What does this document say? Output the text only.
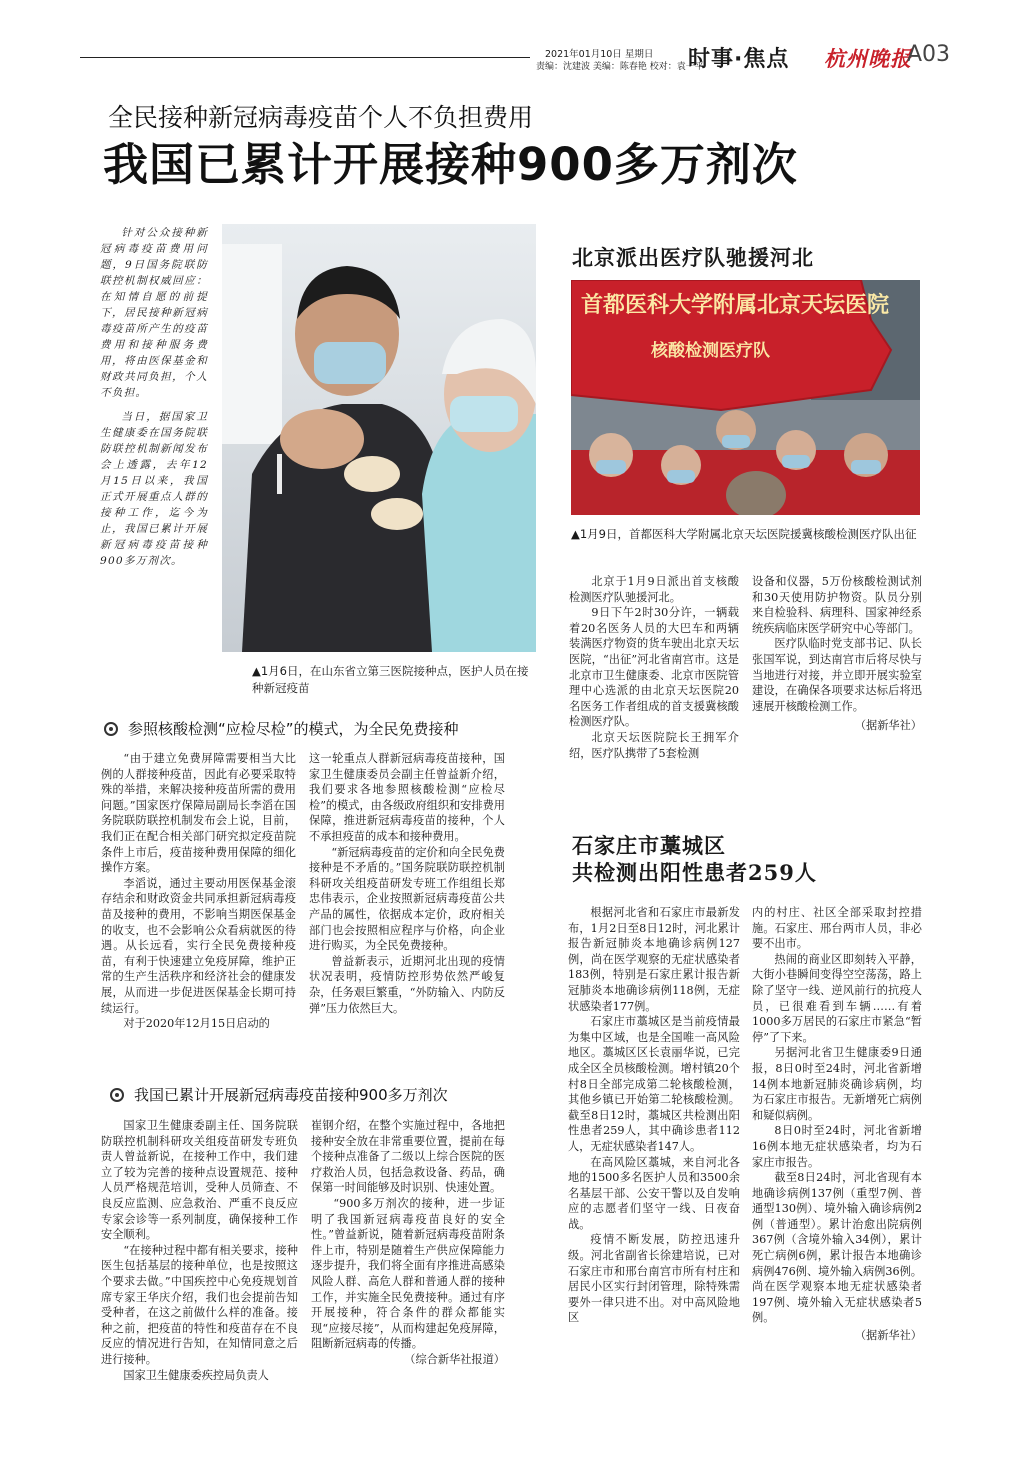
2021年01月10日 星期日
责编：沈建波 美编：陈春艳 校对：袁一平
时事·焦点 杭州晚报
A03
全民接种新冠病毒疫苗个人不负担费用
我国已累计开展接种900多万剂次

针对公众接种新冠病毒疫苗费用问题，9日国务院联防联控机制权威回应：在知情自愿的前提下，居民接种新冠病毒疫苗所产生的疫苗费用和接种服务费用，将由医保基金和财政共同负担，个人不负担。

当日，据国家卫生健康委在国务院联防联控机制新闻发布会上透露，去年12月15日以来，我国正式开展重点人群的接种工作，迄今为止，我国已累计开展新冠病毒疫苗接种900多万剂次。

▲1月6日，在山东省立第三医院接种点，医护人员在接种新冠疫苗
参照核酸检测“应检尽检”的模式，为全民免费接种

“由于建立免费屏障需要相当大比例的人群接种疫苗，因此有必要采取特殊的举措，来解决接种疫苗所需的费用问题。”国家医疗保障局副局长李滔在国务院联防联控机制发布会上说，目前，我们正在配合相关部门研究拟定疫苗院条件上市后，疫苗接种费用保障的细化操作方案。

李滔说，通过主要动用医保基金滚存结余和财政资金共同承担新冠病毒疫苗及接种的费用，不影响当期医保基金的收支，也不会影响公众看病就医的待遇。从长远看，实行全民免费接种疫苗，有利于快速建立免疫屏障，维护正常的生产生活秩序和经济社会的健康发展，从而进一步促进医保基金长期可持续运行。

对于2020年12月15日启动的

这一轮重点人群新冠病毒疫苗接种，国家卫生健康委员会副主任曾益新介绍，我们要求各地参照核酸检测“应检尽检”的模式，由各级政府组织和安排费用保障，推进新冠病毒疫苗的接种，个人不承担疫苗的成本和接种费用。

“新冠病毒疫苗的定价和向全民免费接种是不矛盾的。”国务院联防联控机制科研攻关组疫苗研发专班工作组组长郑忠伟表示，企业按照新冠病毒疫苗公共产品的属性，依据成本定价，政府相关部门也会按照相应程序与价格，向企业进行购买，为全民免费接种。

曾益新表示，近期河北出现的疫情状况表明，疫情防控形势依然严峻复杂，任务艰巨繁重，“外防输入、内防反弹”压力依然巨大。

我国已累计开展新冠病毒疫苗接种900多万剂次

国家卫生健康委副主任、国务院联防联控机制科研攻关组疫苗研发专班负责人曾益新说，在接种工作中，我们建立了较为完善的接种点设置规范、接种人员严格规范培训，受种人员筛查、不良反应监测、应急救治、严重不良反应专家会诊等一系列制度，确保接种工作安全顺利。

“在接种过程中都有相关要求，接种医生包括基层的接种单位，也是按照这个要求去做。”中国疾控中心免疫规划首席专家王华庆介绍，我们也会提前告知受种者，在这之前做什么样的准备。接种之前，把疫苗的特性和疫苗存在不良反应的情况进行告知，在知情同意之后进行接种。

国家卫生健康委疾控局负责人

崔钢介绍，在整个实施过程中，各地把接种安全放在非常重要位置，提前在每个接种点准备了二级以上综合医院的医疗救治人员，包括急救设备、药品，确保第一时间能够及时识别、快速处置。

“900多万剂次的接种，进一步证明了我国新冠病毒疫苗良好的安全性。”曾益新说，随着新冠病毒疫苗附条件上市，特别是随着生产供应保障能力逐步提升，我们将全面有序推进高感染风险人群、高危人群和普通人群的接种工作，并实施全民免费接种。通过有序开展接种，符合条件的群众都能实现“应接尽接”，从而构建起免疫屏障，阻断新冠病毒的传播。

（综合新华社报道）

北京派出医疗队驰援河北
首都医科大学附属北京天坛医院
核酸检测医疗队
▲1月9日，首都医科大学附属北京天坛医院援冀核酸检测医疗队出征

北京于1月9日派出首支核酸检测医疗队驰援河北。

9日下午2时30分许，一辆载着20名医务人员的大巴车和两辆装满医疗物资的货车驶出北京天坛医院，“出征”河北省南宫市。这是北京市卫生健康委、北京市医院管理中心选派的由北京天坛医院20名医务工作者组成的首支援冀核酸检测医疗队。

北京天坛医院院长王拥军介绍，医疗队携带了5套检测

设备和仪器，5万份核酸检测试剂和30天使用防护物资。队员分别来自检验科、病理科、国家神经系统疾病临床医学研究中心等部门。

医疗队临时党支部书记、队长张国军说，到达南宫市后将尽快与当地进行对接，并立即开展实验室建设，在确保各项要求达标后将迅速展开核酸检测工作。

（据新华社）

石家庄市藁城区
共检测出阳性患者259人

根据河北省和石家庄市最新发布，1月2日至8日12时，河北累计报告新冠肺炎本地确诊病例127例，尚在医学观察的无症状感染者183例，特别是石家庄累计报告新冠肺炎本地确诊病例118例，无症状感染者177例。

石家庄市藁城区是当前疫情最为集中区域，也是全国唯一高风险地区。藁城区区长袁丽华说，已完成全区全员核酸检测。增村镇20个村8日全部完成第二轮核酸检测，其他乡镇已开始第二轮核酸检测。截至8日12时，藁城区共检测出阳性患者259人，其中确诊患者112人，无症状感染者147人。

在高风险区藁城，来自河北各地的1500多名医护人员和3500余名基层干部、公安干警以及自发响应的志愿者们坚守一线、日夜奋战。

疫情不断发展，防控迅速升级。河北省副省长徐建培说，已对石家庄市和邢台南宫市所有村庄和居民小区实行封闭管理，除特殊需要外一律只进不出。对中高风险地区

内的村庄、社区全部采取封控措施。石家庄、邢台两市人员，非必要不出市。

热闹的商业区即刻转入平静，大街小巷瞬间变得空空荡荡，路上除了坚守一线、逆风前行的抗疫人员，已很难看到车辆……有着1000多万居民的石家庄市紧急“暂停”了下来。

另据河北省卫生健康委9日通报，8日0时至24时，河北省新增14例本地新冠肺炎确诊病例，均为石家庄市报告。无新增死亡病例和疑似病例。

8日0时至24时，河北省新增16例本地无症状感染者，均为石家庄市报告。

截至8日24时，河北省现有本地确诊病例137例（重型7例、普通型130例）、境外输入确诊病例2例（普通型）。累计治愈出院病例367例（含境外输入34例），累计死亡病例6例，累计报告本地确诊病例476例、境外输入病例36例。尚在医学观察本地无症状感染者197例、境外输入无症状感染者5例。

（据新华社）
